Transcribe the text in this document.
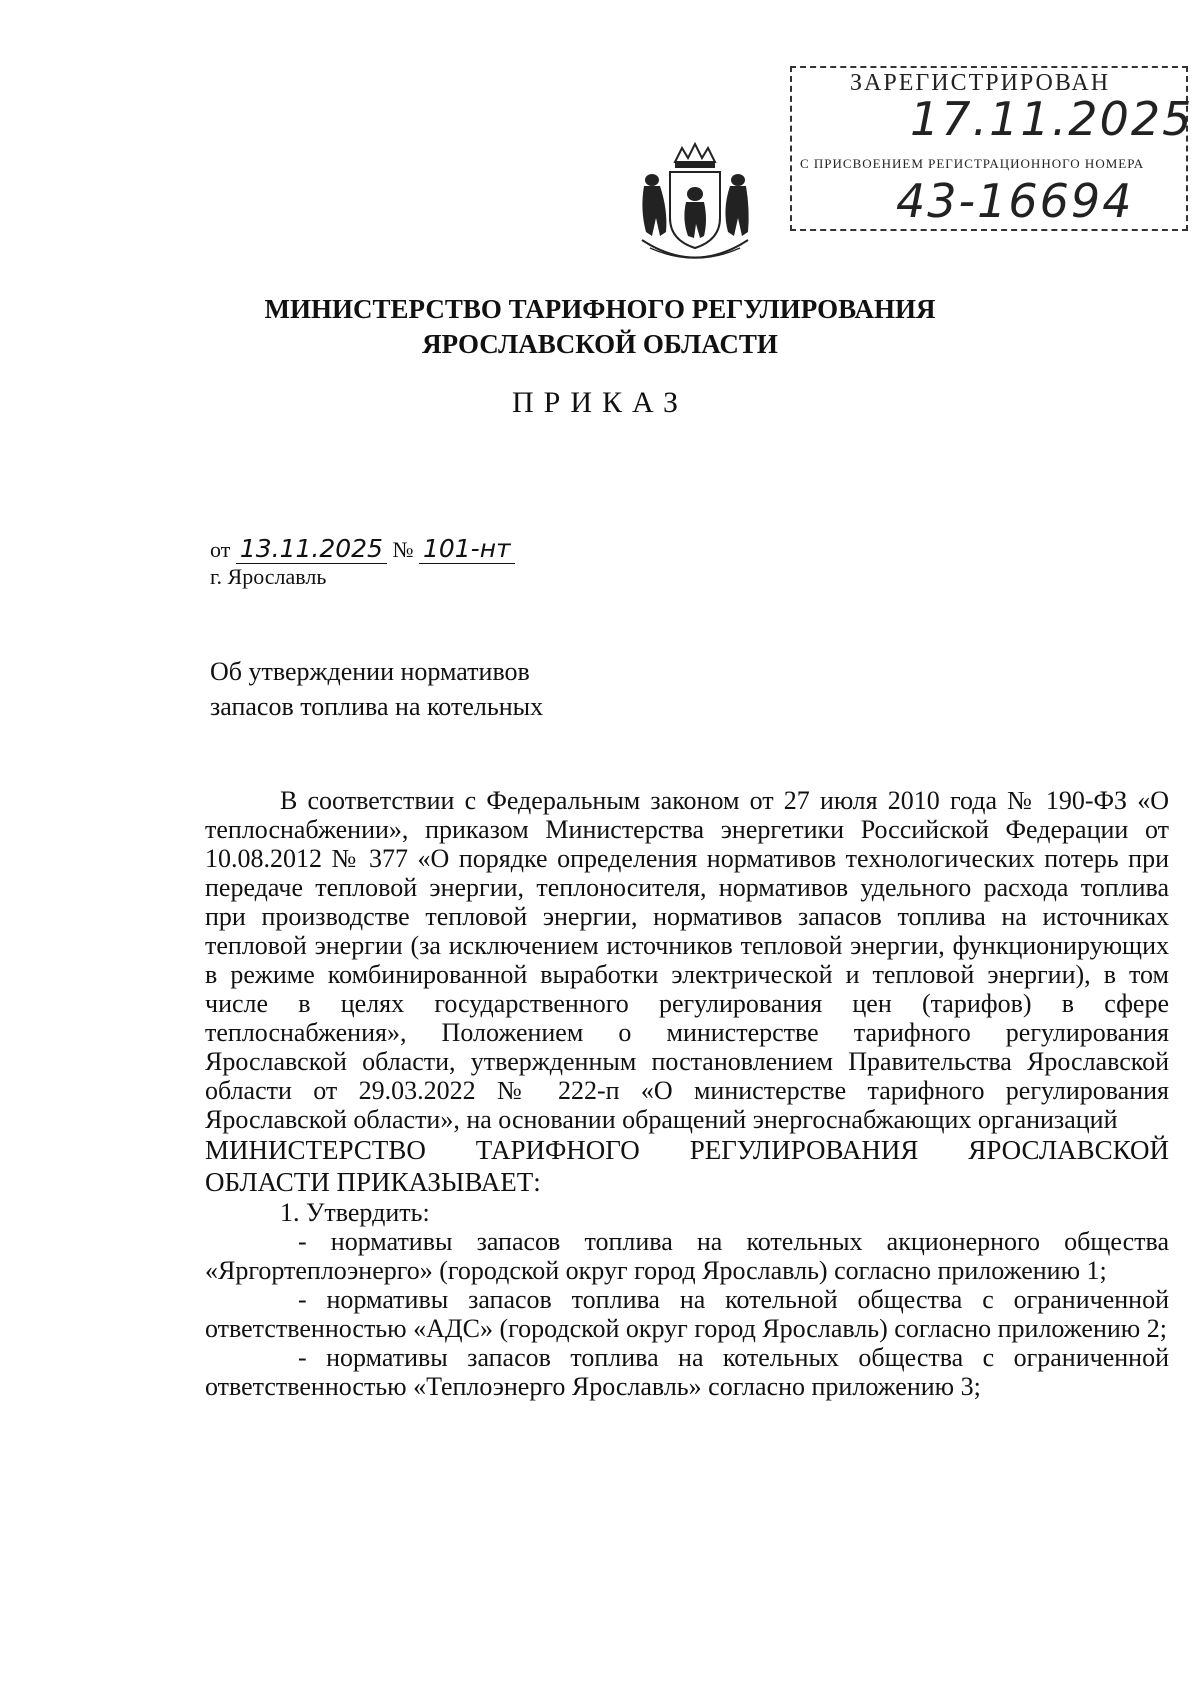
ЗАРЕГИСТРИРОВАН
17.11.2025
С ПРИСВОЕНИЕМ РЕГИСТРАЦИОННОГО НОМЕРА
43-16694
МИНИСТЕРСТВО ТАРИФНОГО РЕГУЛИРОВАНИЯ
ЯРОСЛАВСКОЙ ОБЛАСТИ
ПРИКАЗ
от 13.11.2025 № 101-нт
г. Ярославль
Об утверждении нормативов
запасов топлива на котельных

В соответствии с Федеральным законом от 27 июля 2010 года № 190-ФЗ «О теплоснабжении», приказом Министерства энергетики Российской Федерации от 10.08.2012 № 377 «О порядке определения нормативов технологических потерь при передаче тепловой энергии, теплоносителя, нормативов удельного расхода топлива при производстве тепловой энергии, нормативов запасов топлива на источниках тепловой энергии (за исключением источников тепловой энергии, функционирующих в режиме комбинированной выработки электрической и тепловой энергии), в том числе в целях государственного регулирования цен (тарифов) в сфере теплоснабжения», Положением о министерстве тарифного регулирования Ярославской области, утвержденным постановлением Правительства Ярославской области от 29.03.2022 № 222-п «О министерстве тарифного регулирования Ярославской области», на основании обращений энергоснабжающих организаций

МИНИСТЕРСТВО ТАРИФНОГО РЕГУЛИРОВАНИЯ ЯРОСЛАВСКОЙ ОБЛАСТИ ПРИКАЗЫВАЕТ:

1. Утвердить:

- нормативы запасов топлива на котельных акционерного общества «Яргортеплоэнерго» (городской округ город Ярославль) согласно приложению 1;

- нормативы запасов топлива на котельной общества с ограниченной ответственностью «АДС» (городской округ город Ярославль) согласно приложению 2;

- нормативы запасов топлива на котельных общества с ограниченной ответственностью «Теплоэнерго Ярославль» согласно приложению 3;
